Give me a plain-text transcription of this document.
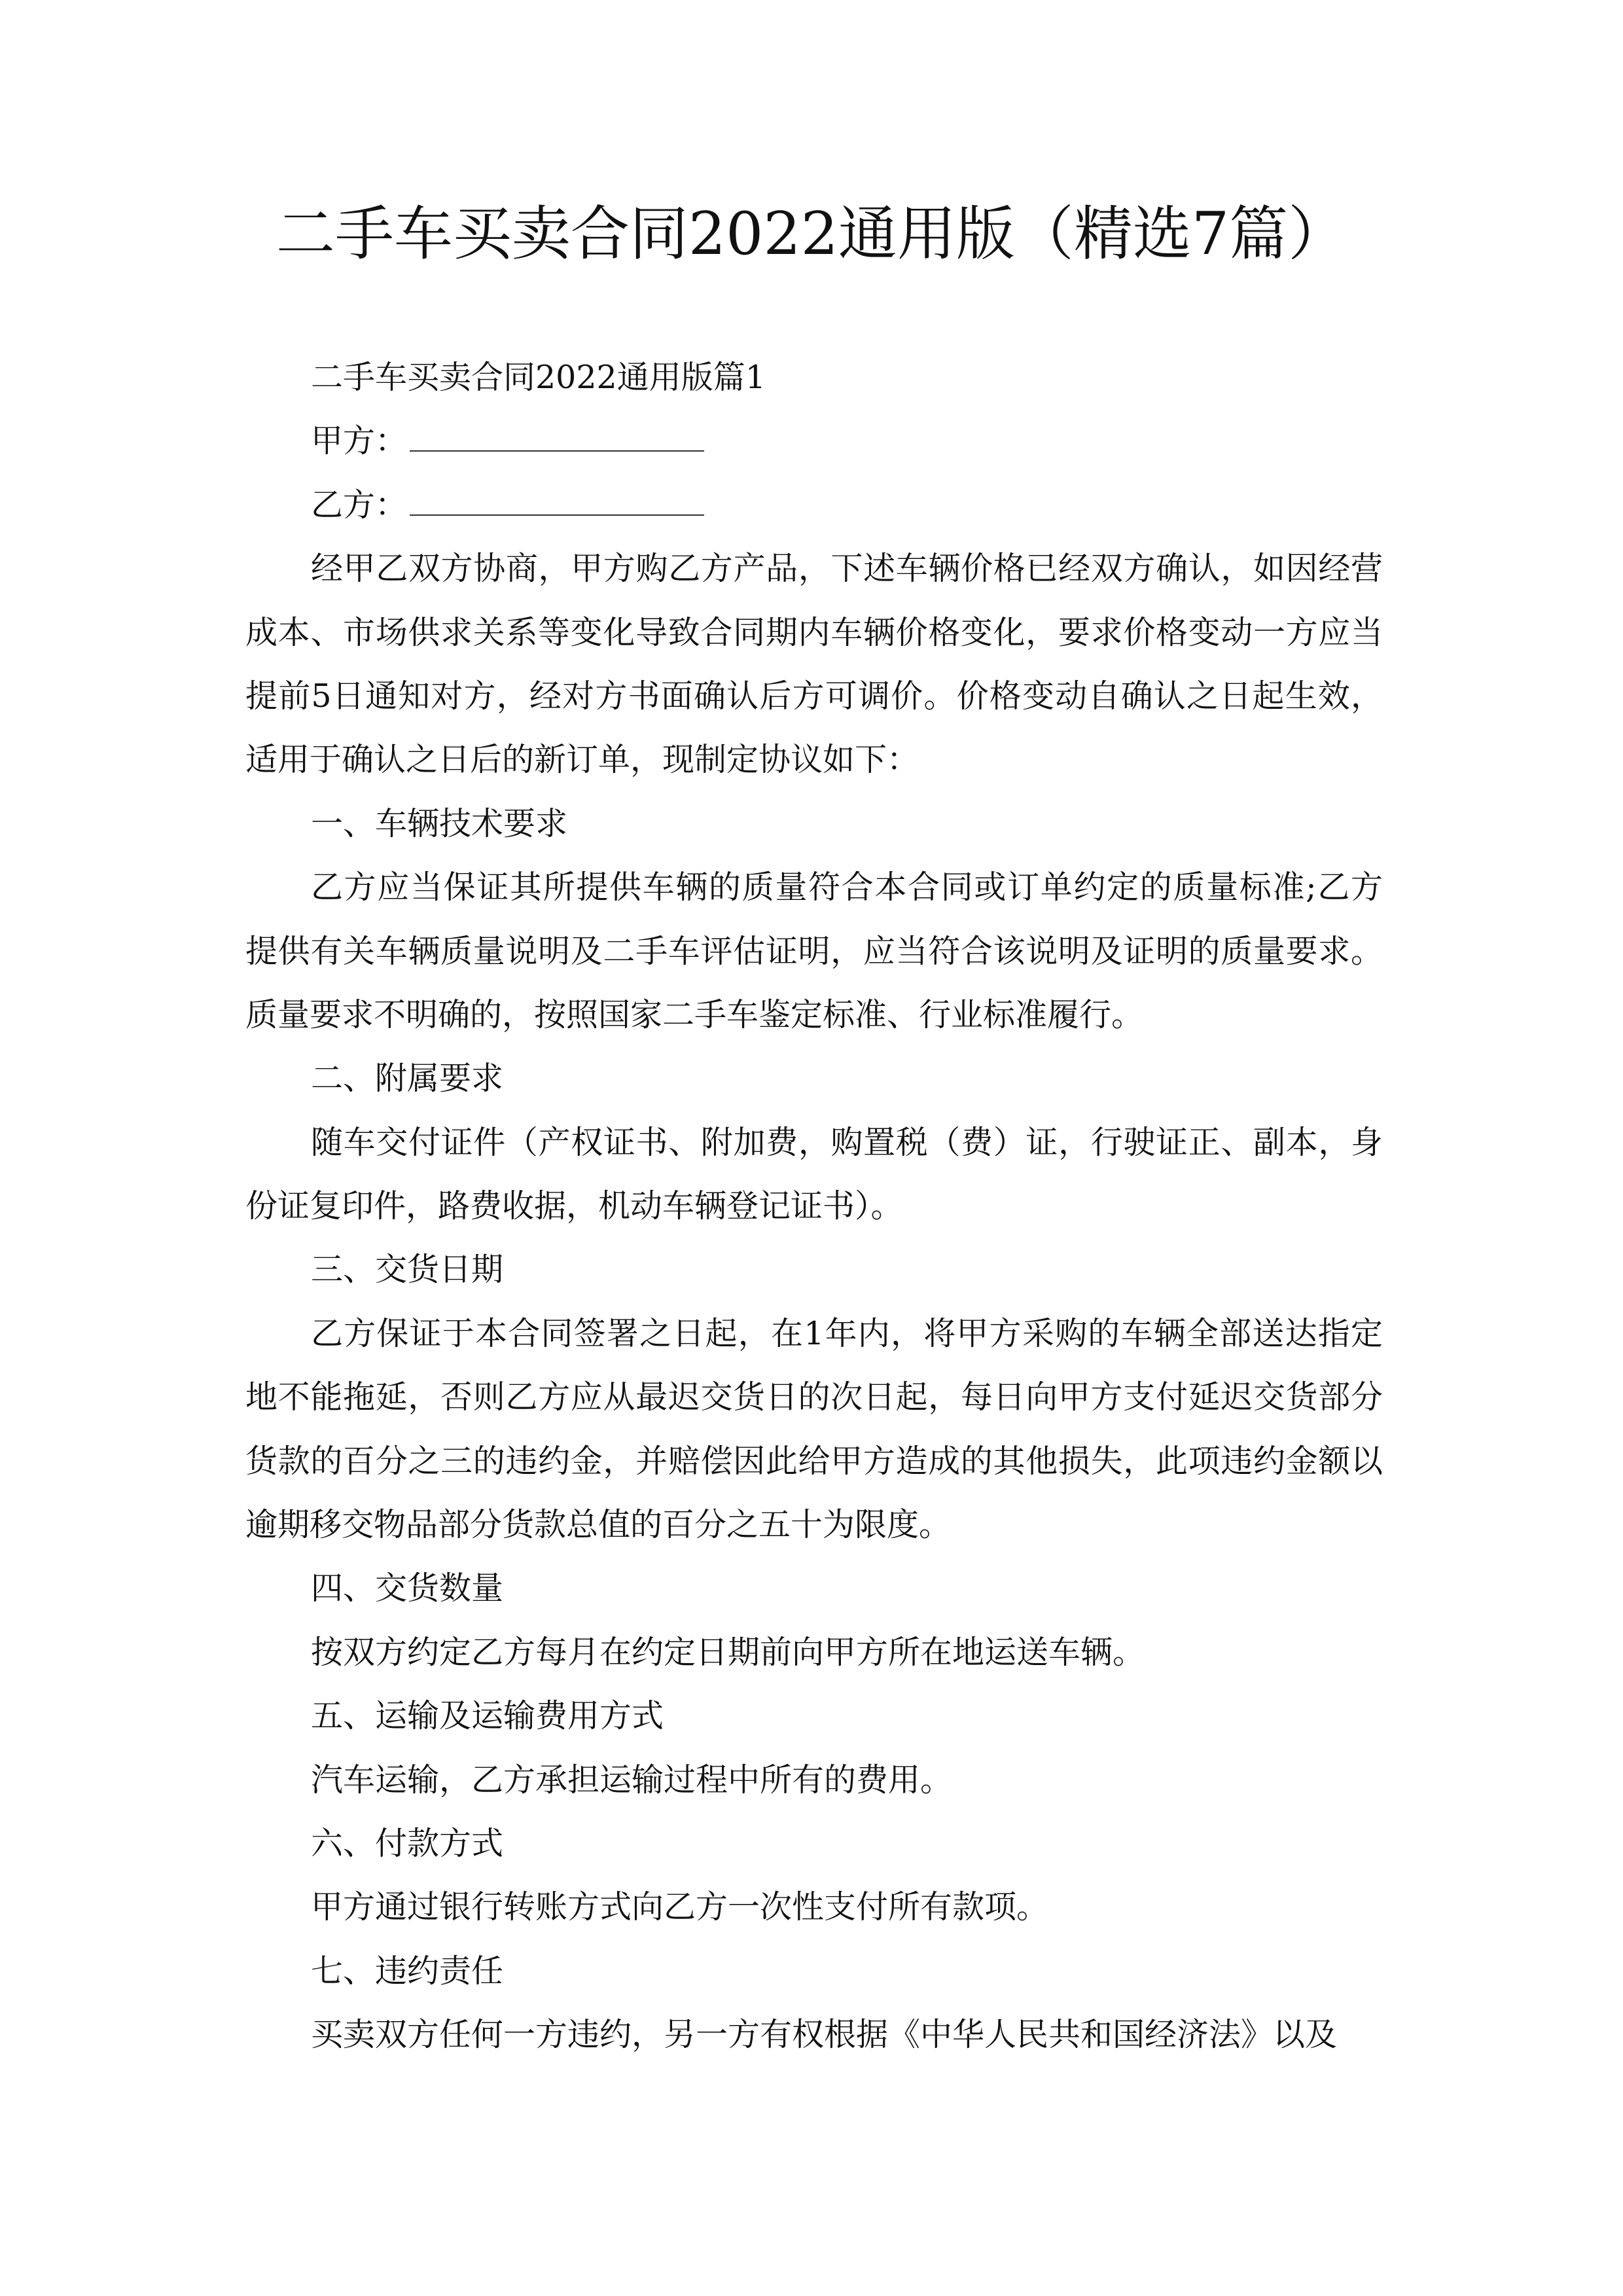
二手车买卖合同2022通用版（精选7篇）
二手车买卖合同2022通用版篇1
甲方：
乙方：
经甲乙双方协商，甲方购乙方产品，下述车辆价格已经双方确认，如因经营
成本、市场供求关系等变化导致合同期内车辆价格变化，要求价格变动一方应当
提前5日通知对方，经对方书面确认后方可调价。价格变动自确认之日起生效，
适用于确认之日后的新订单，现制定协议如下：
一、车辆技术要求
乙方应当保证其所提供车辆的质量符合本合同或订单约定的质量标准;乙方
提供有关车辆质量说明及二手车评估证明，应当符合该说明及证明的质量要求。
质量要求不明确的，按照国家二手车鉴定标准、行业标准履行。
二、附属要求
随车交付证件（产权证书、附加费，购置税（费）证，行驶证正、副本，身
份证复印件，路费收据，机动车辆登记证书）。
三、交货日期
乙方保证于本合同签署之日起，在1年内，将甲方采购的车辆全部送达指定
地不能拖延，否则乙方应从最迟交货日的次日起，每日向甲方支付延迟交货部分
货款的百分之三的违约金，并赔偿因此给甲方造成的其他损失，此项违约金额以
逾期移交物品部分货款总值的百分之五十为限度。
四、交货数量
按双方约定乙方每月在约定日期前向甲方所在地运送车辆。
五、运输及运输费用方式
汽车运输，乙方承担运输过程中所有的费用。
六、付款方式
甲方通过银行转账方式向乙方一次性支付所有款项。
七、违约责任
买卖双方任何一方违约，另一方有权根据《中华人民共和国经济法》以及
